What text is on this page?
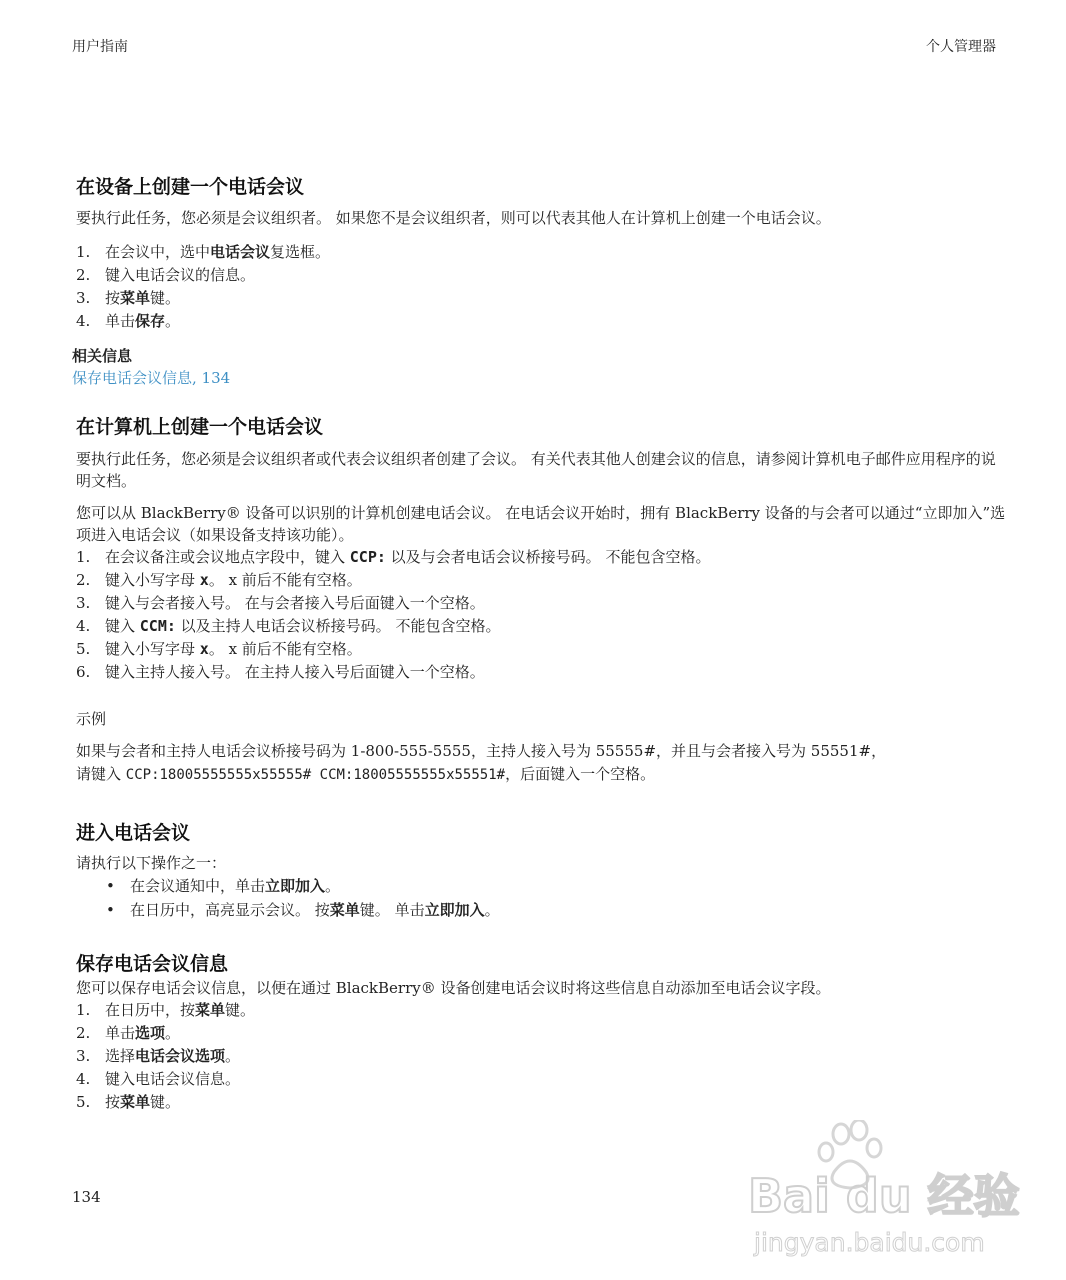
用户指南	个人管理器
在设备上创建一个电话会议

要执行此任务，您必须是会议组织者。 如果您不是会议组织者，则可以代表其他人在计算机上创建一个电话会议。

1. 在会议中，选中电话会议复选框。
2. 键入电话会议的信息。
3. 按菜单键。
4. 单击保存。
相关信息
保存电话会议信息, 134
在计算机上创建一个电话会议

要执行此任务，您必须是会议组织者或代表会议组织者创建了会议。 有关代表其他人创建会议的信息，请参阅计算机电子邮件应用程序的说明文档。

您可以从 BlackBerry® 设备可以识别的计算机创建电话会议。 在电话会议开始时，拥有 BlackBerry 设备的与会者可以通过“立即加入”选项进入电话会议（如果设备支持该功能）。

1. 在会议备注或会议地点字段中，键入 CCP: 以及与会者电话会议桥接号码。 不能包含空格。
2. 键入小写字母 x。 x 前后不能有空格。
3. 键入与会者接入号。 在与会者接入号后面键入一个空格。
4. 键入 CCM: 以及主持人电话会议桥接号码。 不能包含空格。
5. 键入小写字母 x。 x 前后不能有空格。
6. 键入主持人接入号。 在主持人接入号后面键入一个空格。
示例
如果与会者和主持人电话会议桥接号码为 1-800-555-5555，主持人接入号为 55555#，并且与会者接入号为 55551#，
请键入 CCP:18005555555x55555# CCM:18005555555x55551#，后面键入一个空格。
进入电话会议

请执行以下操作之一：

• 在会议通知中，单击立即加入。
• 在日历中，高亮显示会议。 按菜单键。 单击立即加入。
保存电话会议信息

您可以保存电话会议信息，以便在通过 BlackBerry® 设备创建电话会议时将这些信息自动添加至电话会议字段。

1. 在日历中，按菜单键。
2. 单击选项。
3. 选择电话会议选项。
4. 键入电话会议信息。
5. 按菜单键。
134	Bai du 经验
jingyan.baidu.com
